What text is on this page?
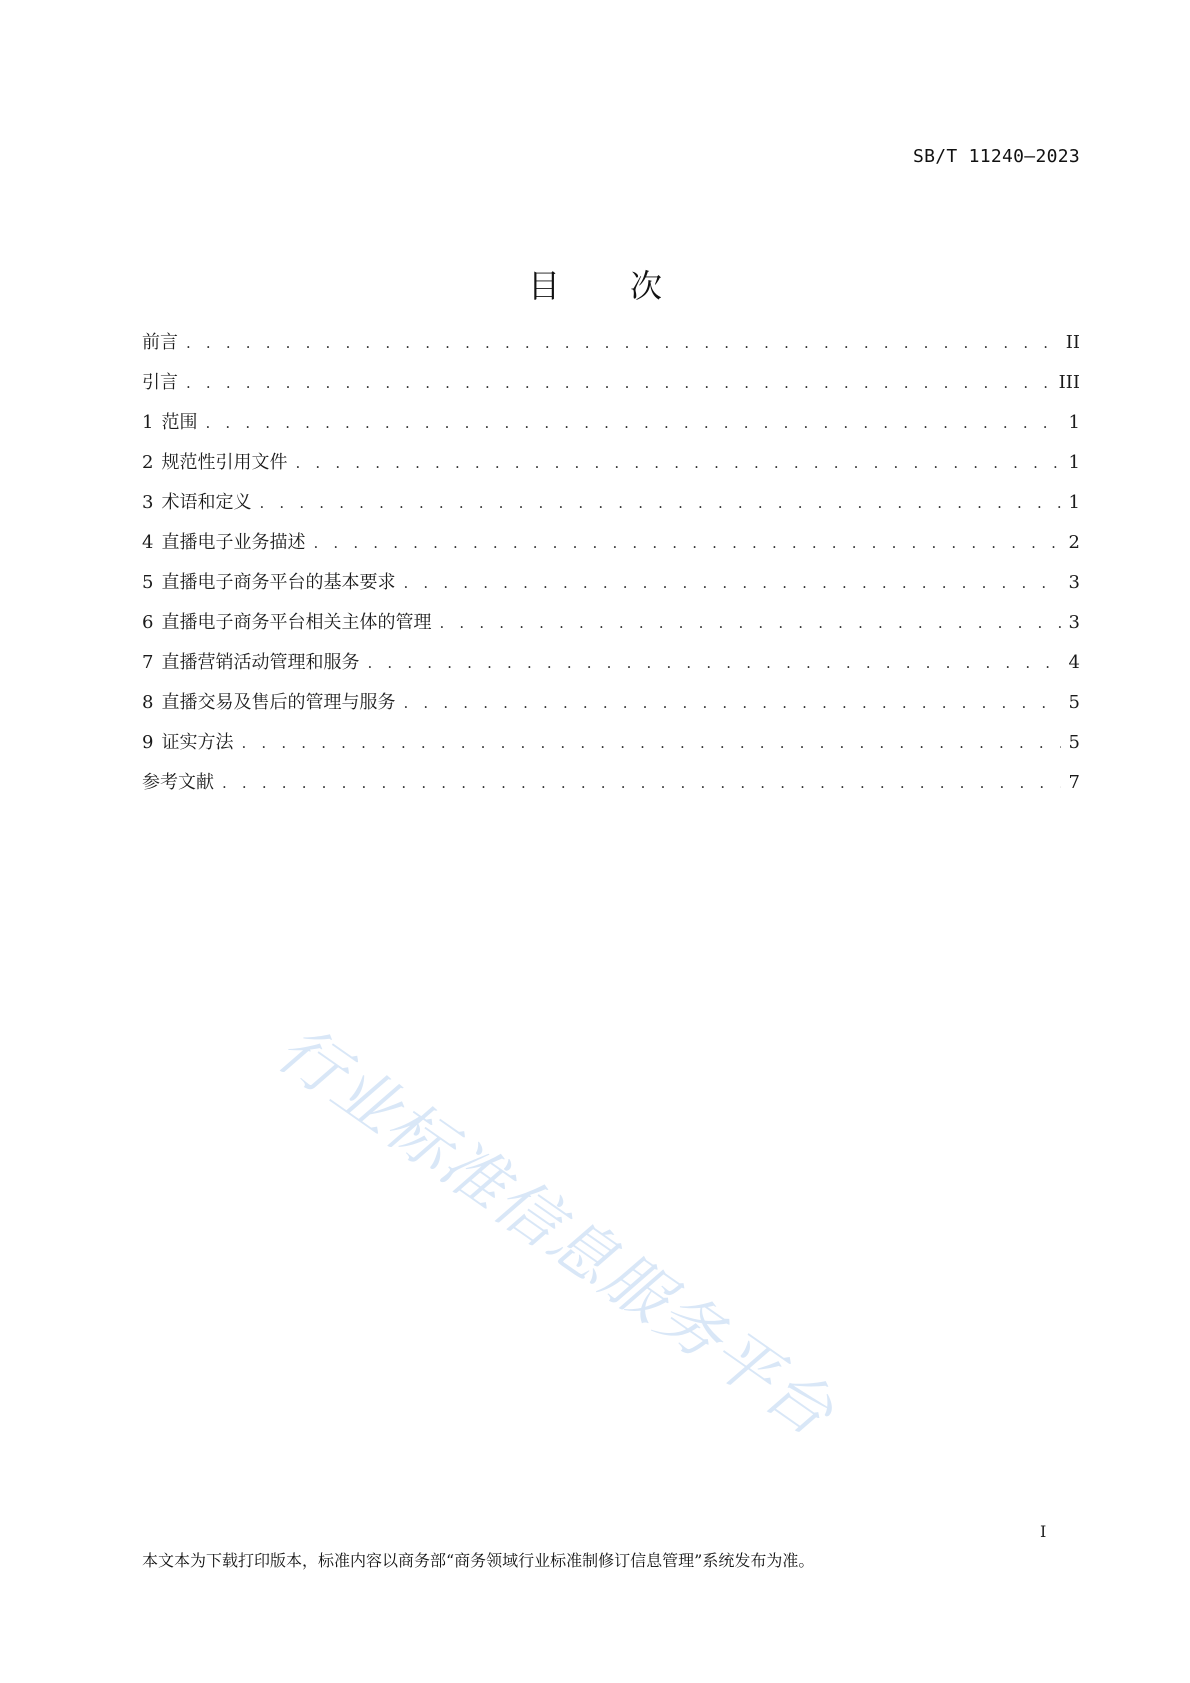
SB/T 11240—2023
目 次
前言 . . .	II
引言 . . .	III
1 范围 . . .	1
2 规范性引用文件 . . .	1
3 术语和定义 . . .	1
4 直播电子业务描述 . . .	2
5 直播电子商务平台的基本要求 . . .	3
6 直播电子商务平台相关主体的管理 . . .	3
7 直播营销活动管理和服务 . . .	4
8 直播交易及售后的管理与服务 . . .	5
9 证实方法 . . .	5
参考文献 . . .	7
行业标准信息服务平台
I
本文本为下载打印版本，标准内容以商务部“商务领域行业标准制修订信息管理”系统发布为准。
